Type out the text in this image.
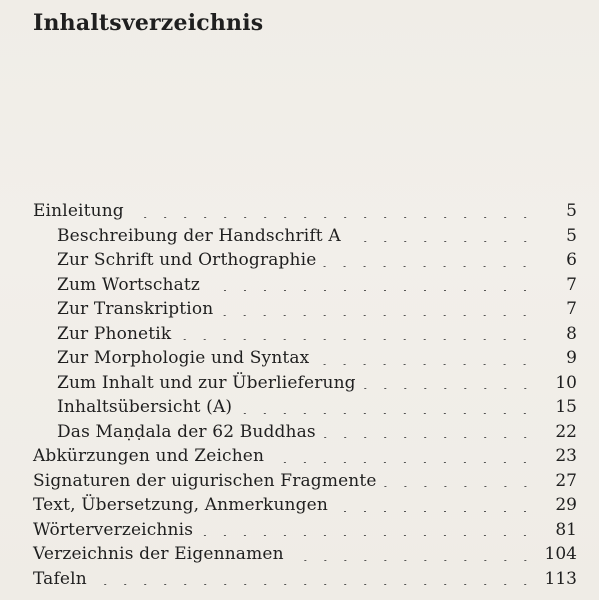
Inhaltsverzeichnis
Einleitung	5
Beschreibung der Handschrift A	5
Zur Schrift und Orthographie	6
Zum Wortschatz	7
Zur Transkription	7
Zur Phonetik	8
Zur Morphologie und Syntax	9
Zum Inhalt und zur Überlieferung	10
Inhaltsübersicht (A)	15
Das Maṇḍala der 62 Buddhas	22
Abkürzungen und Zeichen	23
Signaturen der uigurischen Fragmente	27
Text, Übersetzung, Anmerkungen	29
Wörterverzeichnis	81
Verzeichnis der Eigennamen	104
Tafeln	113
